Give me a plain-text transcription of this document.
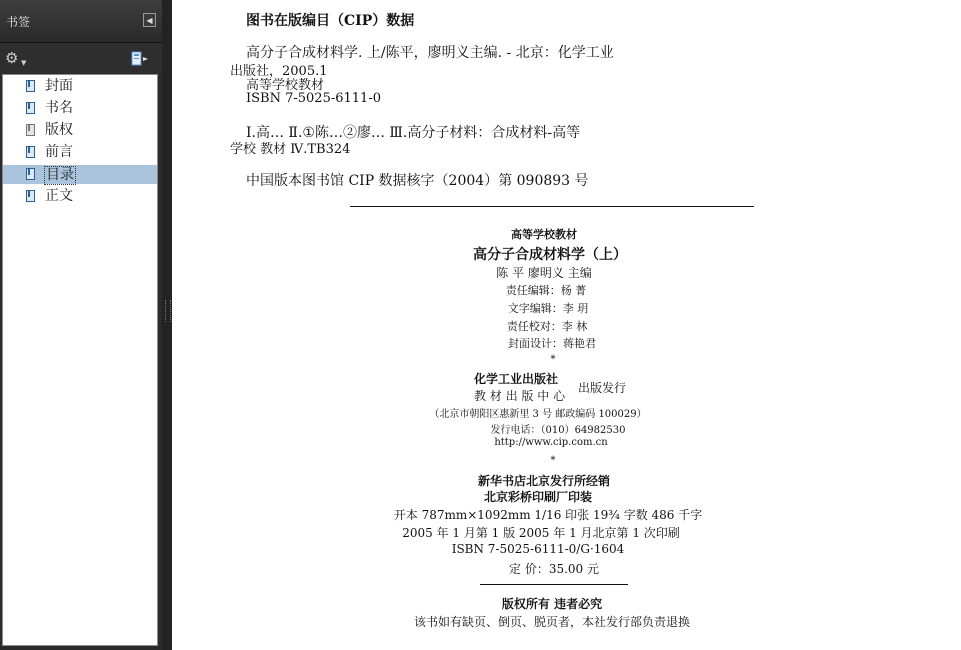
书签	◀
⚙ ▼
封面
书名
版权
前言
目录
正文
图书在版编目（CIP）数据
高分子合成材料学. 上/陈平，廖明义主编. - 北京：化学工业
出版社，2005.1
高等学校教材
ISBN 7-5025-6111-0
Ⅰ.高… Ⅱ.①陈…②廖… Ⅲ.高分子材料：合成材料-高等
学校 教材 Ⅳ.TB324
中国版本图书馆 CIP 数据核字（2004）第 090893 号
高等学校教材
高分子合成材料学（上）
陈 平 廖明义 主编
责任编辑：杨 菁
文字编辑：李 玥
责任校对：李 林
封面设计：蒋艳君
*
化学工业出版社
教 材 出 版 中 心
出版发行
（北京市朝阳区惠新里 3 号 邮政编码 100029）
发行电话：（010）64982530
http://www.cip.com.cn
*
新华书店北京发行所经销
北京彩桥印刷厂印装
开本 787mm×1092mm 1/16 印张 19¾ 字数 486 千字
2005 年 1 月第 1 版 2005 年 1 月北京第 1 次印刷
ISBN 7-5025-6111-0/G·1604
定 价：35.00 元
版权所有 违者必究
该书如有缺页、倒页、脱页者，本社发行部负责退换
